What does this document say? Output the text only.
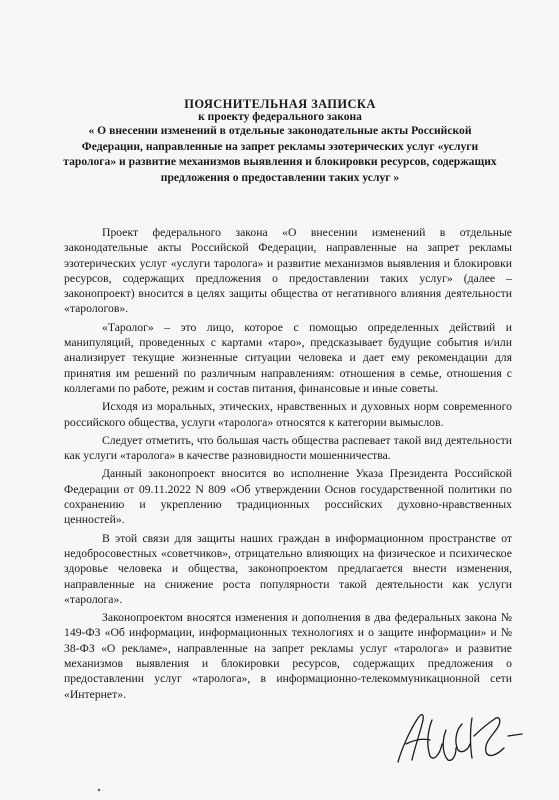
ПОЯСНИТЕЛЬНАЯ ЗАПИСКА
к проекту федерального закона
« О внесении изменений в отдельные законодательные акты Российской Федерации, направленные на запрет рекламы эзотерических услуг «услуги таролога» и развитие механизмов выявления и блокировки ресурсов, содержащих предложения о предоставлении таких услуг »

Проект федерального закона «О внесении изменений в отдельные законодательные акты Российской Федерации, направленные на запрет рекламы эзотерических услуг «услуги таролога» и развитие механизмов выявления и блокировки ресурсов, содержащих предложения о предоставлении таких услуг» (далее – законопроект) вносится в целях защиты общества от негативного влияния деятельности «тарологов».

«Таролог» – это лицо, которое с помощью определенных действий и манипуляций, проведенных с картами «таро», предсказывает будущие события и/или анализирует текущие жизненные ситуации человека и дает ему рекомендации для принятия им решений по различным направлениям: отношения в семье, отношения с коллегами по работе, режим и состав питания, финансовые и иные советы.

Исходя из моральных, этических, нравственных и духовных норм современного российского общества, услуги «таролога» относятся к категории вымыслов.

Следует отметить, что большая часть общества распевает такой вид деятельности как услуги «таролога» в качестве разновидности мошенничества.

Данный законопроект вносится во исполнение Указа Президента Российской Федерации от 09.11.2022 N 809 «Об утверждении Основ государственной политики по сохранению и укреплению традиционных российских духовно-нравственных ценностей».

В этой связи для защиты наших граждан в информационном пространстве от недобросовестных «советчиков», отрицательно влияющих на физическое и психическое здоровье человека и общества, законопроектом предлагается внести изменения, направленные на снижение роста популярности такой деятельности как услуги «таролога».

Законопроектом вносятся изменения и дополнения в два федеральных закона № 149-ФЗ «Об информации, информационных технологиях и о защите информации» и № 38-ФЗ «О рекламе», направленные на запрет рекламы услуг «таролога» и развитие механизмов выявления и блокировки ресурсов, содержащих предложения о предоставлении услуг «таролога», в информационно-телекоммуникационной сети «Интернет».
